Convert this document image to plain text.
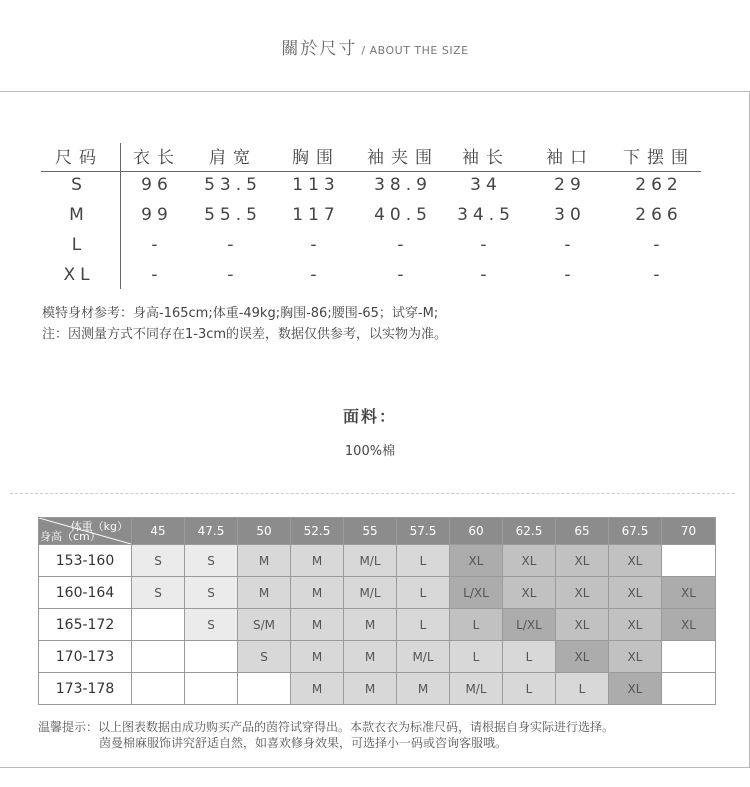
關於尺寸 / ABOUT THE SIZE
尺码	衣长	肩宽	胸围	袖夹围	袖长	袖口	下摆围
S	96	53.5	113	38.9	34	29	262
M	99	55.5	117	40.5	34.5	30	266
L	-	-	-	-	-	-	-
XL	-	-	-	-	-	-	-
模特身材参考：身高-165cm;体重-49kg;胸围-86;腰围-65；试穿-M;
注：因测量方式不同存在1-3cm的误差，数据仅供参考，以实物为准。
面料：
100%棉
体重（kg）
身高（cm）	45	47.5	50	52.5	55	57.5	60	62.5	65	67.5	70
153-160	S	S	M	M	M/L	L	XL	XL	XL	XL	
160-164	S	S	M	M	M/L	L	L/XL	XL	XL	XL	XL
165-172		S	S/M	M	M	L	L	L/XL	XL	XL	XL
170-173			S	M	M	M/L	L	L	XL	XL	
173-178				M	M	M	M/L	L	L	XL	
温馨提示：以上图表数据由成功购买产品的茵符试穿得出。本款衣衣为标准尺码，请根据自身实际进行选择。
茵曼棉麻服饰讲究舒适自然，如喜欢修身效果，可选择小一码或咨询客服哦。
